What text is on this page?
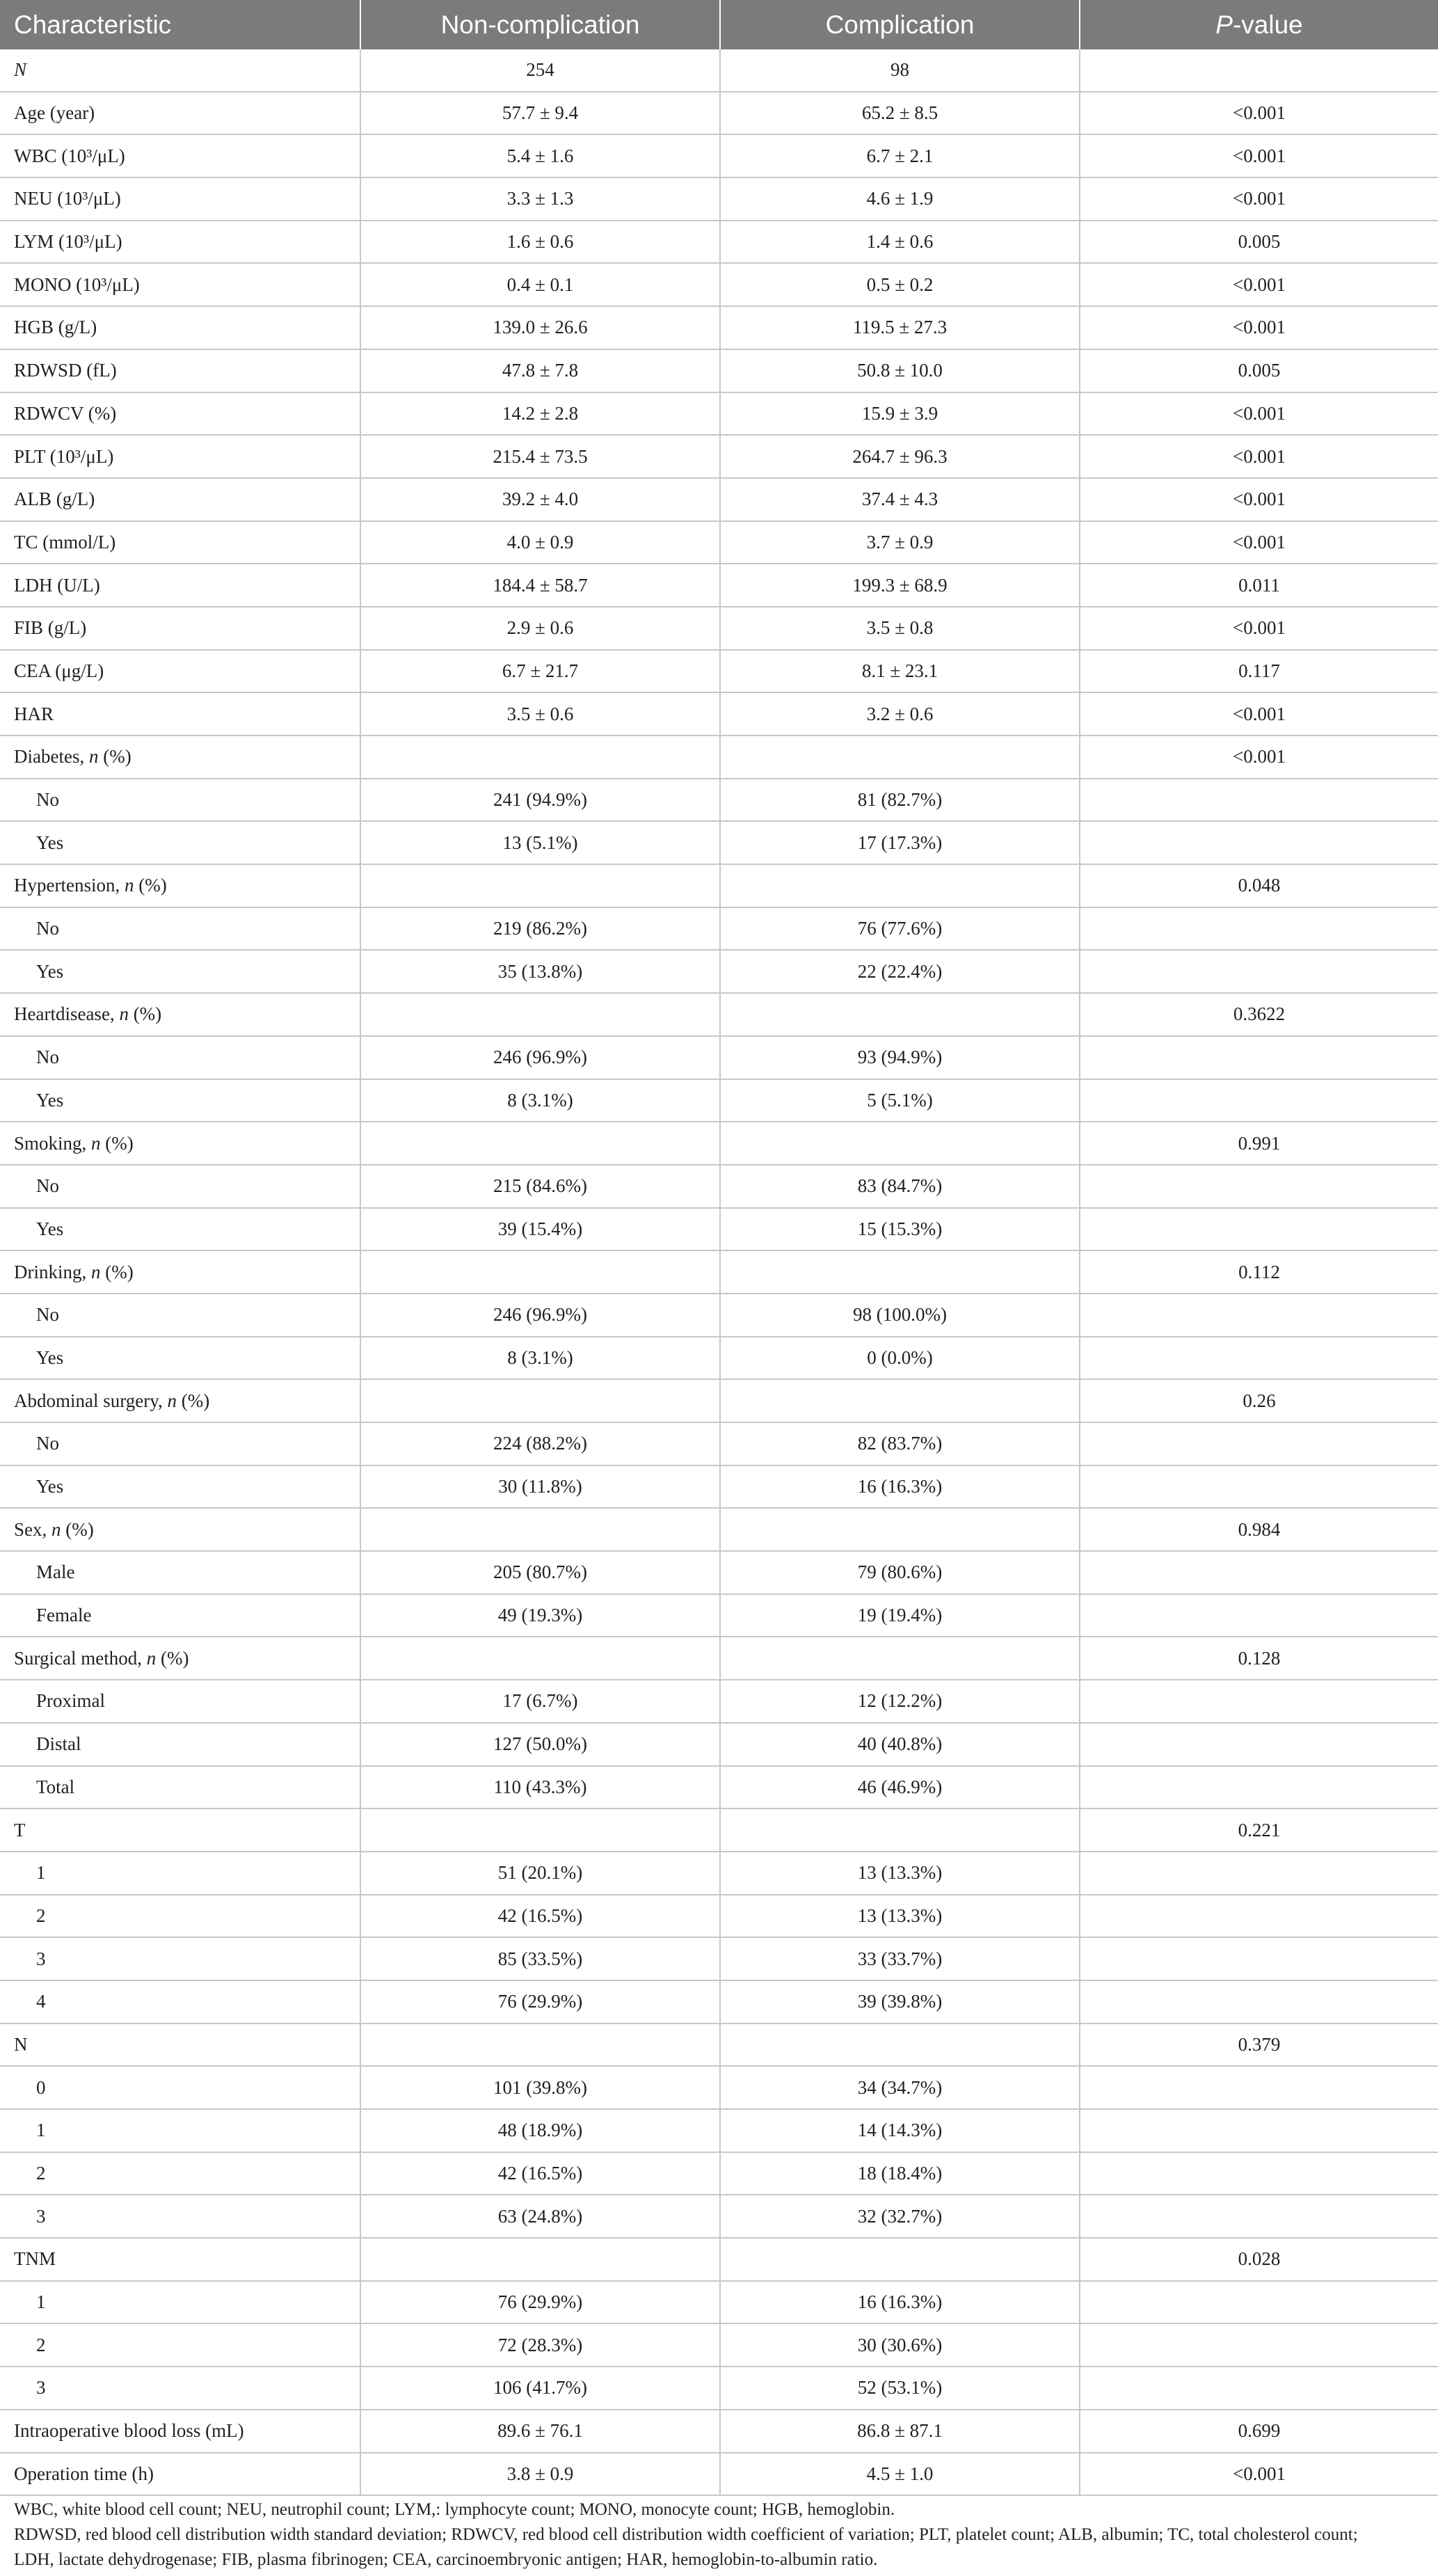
Characteristic	Non-complication	Complication	P-value
N	254	98	
Age (year)	57.7 ± 9.4	65.2 ± 8.5	<0.001
WBC (10³/μL)	5.4 ± 1.6	6.7 ± 2.1	<0.001
NEU (10³/μL)	3.3 ± 1.3	4.6 ± 1.9	<0.001
LYM (10³/μL)	1.6 ± 0.6	1.4 ± 0.6	0.005
MONO (10³/μL)	0.4 ± 0.1	0.5 ± 0.2	<0.001
HGB (g/L)	139.0 ± 26.6	119.5 ± 27.3	<0.001
RDWSD (fL)	47.8 ± 7.8	50.8 ± 10.0	0.005
RDWCV (%)	14.2 ± 2.8	15.9 ± 3.9	<0.001
PLT (10³/μL)	215.4 ± 73.5	264.7 ± 96.3	<0.001
ALB (g/L)	39.2 ± 4.0	37.4 ± 4.3	<0.001
TC (mmol/L)	4.0 ± 0.9	3.7 ± 0.9	<0.001
LDH (U/L)	184.4 ± 58.7	199.3 ± 68.9	0.011
FIB (g/L)	2.9 ± 0.6	3.5 ± 0.8	<0.001
CEA (μg/L)	6.7 ± 21.7	8.1 ± 23.1	0.117
HAR	3.5 ± 0.6	3.2 ± 0.6	<0.001
Diabetes, n (%)			<0.001
No	241 (94.9%)	81 (82.7%)	
Yes	13 (5.1%)	17 (17.3%)	
Hypertension, n (%)			0.048
No	219 (86.2%)	76 (77.6%)	
Yes	35 (13.8%)	22 (22.4%)	
Heartdisease, n (%)			0.3622
No	246 (96.9%)	93 (94.9%)	
Yes	8 (3.1%)	5 (5.1%)	
Smoking, n (%)			0.991
No	215 (84.6%)	83 (84.7%)	
Yes	39 (15.4%)	15 (15.3%)	
Drinking, n (%)			0.112
No	246 (96.9%)	98 (100.0%)	
Yes	8 (3.1%)	0 (0.0%)	
Abdominal surgery, n (%)			0.26
No	224 (88.2%)	82 (83.7%)	
Yes	30 (11.8%)	16 (16.3%)	
Sex, n (%)			0.984
Male	205 (80.7%)	79 (80.6%)	
Female	49 (19.3%)	19 (19.4%)	
Surgical method, n (%)			0.128
Proximal	17 (6.7%)	12 (12.2%)	
Distal	127 (50.0%)	40 (40.8%)	
Total	110 (43.3%)	46 (46.9%)	
T			0.221
1	51 (20.1%)	13 (13.3%)	
2	42 (16.5%)	13 (13.3%)	
3	85 (33.5%)	33 (33.7%)	
4	76 (29.9%)	39 (39.8%)	
N			0.379
0	101 (39.8%)	34 (34.7%)	
1	48 (18.9%)	14 (14.3%)	
2	42 (16.5%)	18 (18.4%)	
3	63 (24.8%)	32 (32.7%)	
TNM			0.028
1	76 (29.9%)	16 (16.3%)	
2	72 (28.3%)	30 (30.6%)	
3	106 (41.7%)	52 (53.1%)	
Intraoperative blood loss (mL)	89.6 ± 76.1	86.8 ± 87.1	0.699
Operation time (h)	3.8 ± 0.9	4.5 ± 1.0	<0.001
WBC, white blood cell count; NEU, neutrophil count; LYM,: lymphocyte count; MONO, monocyte count; HGB, hemoglobin.
RDWSD, red blood cell distribution width standard deviation; RDWCV, red blood cell distribution width coefficient of variation; PLT, platelet count; ALB, albumin; TC, total cholesterol count;
LDH, lactate dehydrogenase; FIB, plasma fibrinogen; CEA, carcinoembryonic antigen; HAR, hemoglobin-to-albumin ratio.
